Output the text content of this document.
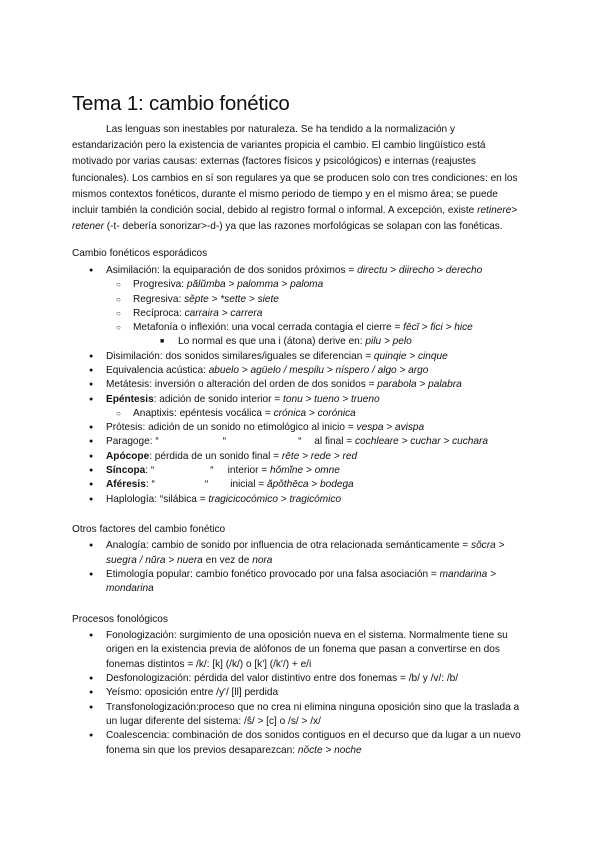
Tema 1: cambio fonético

Las lenguas son inestables por naturaleza. Se ha tendido a la normalización y estandarización pero la existencia de variantes propicia el cambio. El cambio lingüístico está motivado por varias causas: externas (factores físicos y psicológicos) e internas (reajustes funcionales). Los cambios en sí son regulares ya que se producen solo con tres condiciones: en los mismos contextos fonéticos, durante el mismo periodo de tiempo y en el mismo área; se puede incluir también la condición social, debido al registro formal o informal. A excepción, existe retinere> retener (-t- debería sonorizar>-d-) ya que las razones morfológicas se solapan con las fonéticas.

Cambio fonéticos esporádicos
● Asimilación: la equiparación de dos sonidos próximos = directu > diirecho > derecho
○ Progresiva: pălŭmba > palomma > paloma
○ Regresiva: sĕpte > *sette > siete
○ Recíproca: carraira > carrera
○ Metafonía o inflexión: una vocal cerrada contagia el cierre = fēcī > fici > hice
■ Lo normal es que una i (átona) derive en: pilu > pelo
● Disimilación: dos sonidos similares/iguales se diferencian = quinqie > cinque
● Equivalencia acústica: abuelo > agüelo / mespilu > níspero / algo > argo
● Metátesis: inversión o alteración del orden de dos sonidos = parabola > palabra
● Epéntesis: adición de sonido interior = tonu > tueno > trueno
○ Anaptixis: epéntesis vocálica = crónica > corónica
● Prótesis: adición de un sonido no etimológico al inicio = vespa > avispa
● Paragoge: “	“	“ al final = cochleare > cuchar > cuchara
● Apócope: pérdida de un sonido final = rēte > rede > red
● Síncopa: “	“ interior = hŏmĭne > omne
● Aféresis: “	“ inicial = ăpŏthēca > bodega
● Haplología: “silábica = tragicicocómico > tragicómico
Otros factores del cambio fonético
● Analogía: cambio de sonido por influencia de otra relacionada semánticamente = sŏcra > suegra / nŭra > nuera en vez de nora
● Etimología popular: cambio fonético provocado por una falsa asociación = mandarina > mondarina
Procesos fonológicos
● Fonologización: surgimiento de una oposición nueva en el sistema. Normalmente tiene su origen en la existencia previa de alófonos de un fonema que pasan a convertirse en dos fonemas distintos = /k/: [k] (/k/) o [k'] (/k'/) + e/i
● Desfonologización: pérdida del valor distintivo entre dos fonemas = /b/ y /v/: /b/
● Yeísmo: oposición entre /y'/ [ll] perdida
● Transfonologización:proceso que no crea ni elimina ninguna oposición sino que la traslada a un lugar diferente del sistema: /ŝ/ > [c] o /s/ > /x/
● Coalescencia: combinación de dos sonidos contiguos en el decurso que da lugar a un nuevo fonema sin que los previos desaparezcan: nŏcte > noche
